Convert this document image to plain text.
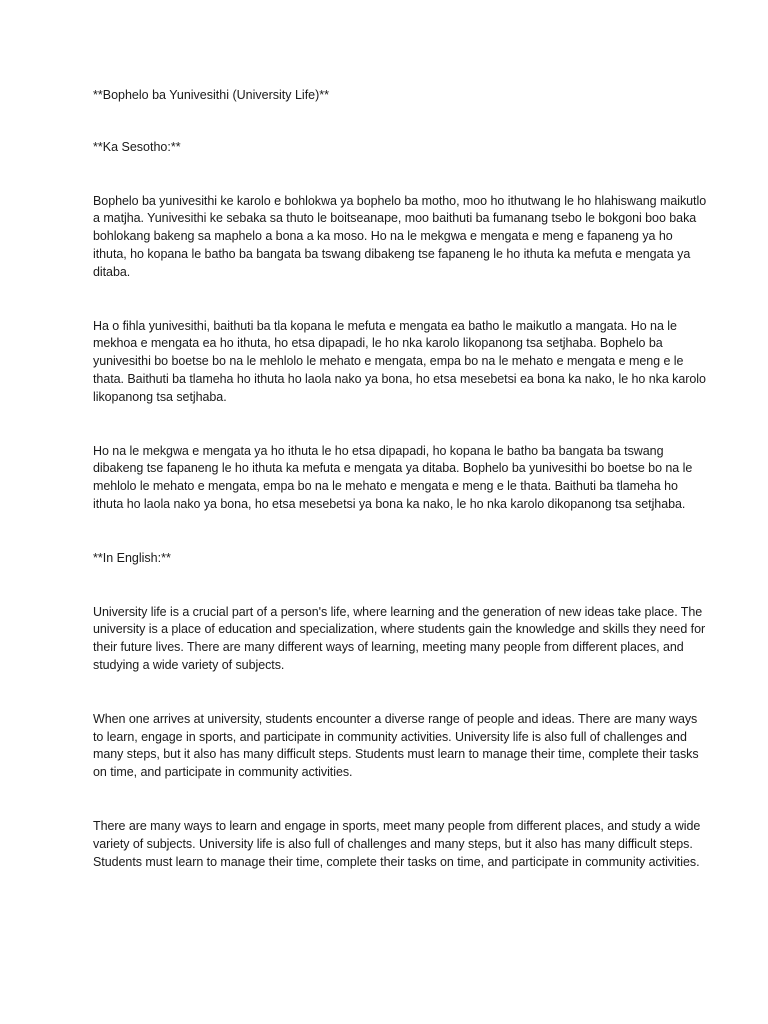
**Bophelo ba Yunivesithi (University Life)**

**Ka Sesotho:**

Bophelo ba yunivesithi ke karolo e bohlokwa ya bophelo ba motho, moo ho ithutwang le ho hlahiswang maikutlo a matjha. Yunivesithi ke sebaka sa thuto le boitseanape, moo baithuti ba fumanang tsebo le bokgoni boo baka bohlokang bakeng sa maphelo a bona a ka moso. Ho na le mekgwa e mengata e meng e fapaneng ya ho ithuta, ho kopana le batho ba bangata ba tswang dibakeng tse fapaneng le ho ithuta ka mefuta e mengata ya ditaba.

Ha o fihla yunivesithi, baithuti ba tla kopana le mefuta e mengata ea batho le maikutlo a mangata. Ho na le mekhoa e mengata ea ho ithuta, ho etsa dipapadi, le ho nka karolo likopanong tsa setjhaba. Bophelo ba yunivesithi bo boetse bo na le mehlolo le mehato e mengata, empa bo na le mehato e mengata e meng e le thata. Baithuti ba tlameha ho ithuta ho laola nako ya bona, ho etsa mesebetsi ea bona ka nako, le ho nka karolo likopanong tsa setjhaba.

Ho na le mekgwa e mengata ya ho ithuta le ho etsa dipapadi, ho kopana le batho ba bangata ba tswang dibakeng tse fapaneng le ho ithuta ka mefuta e mengata ya ditaba. Bophelo ba yunivesithi bo boetse bo na le mehlolo le mehato e mengata, empa bo na le mehato e mengata e meng e le thata. Baithuti ba tlameha ho ithuta ho laola nako ya bona, ho etsa mesebetsi ya bona ka nako, le ho nka karolo dikopanong tsa setjhaba.

**In English:**

University life is a crucial part of a person's life, where learning and the generation of new ideas take place. The university is a place of education and specialization, where students gain the knowledge and skills they need for their future lives. There are many different ways of learning, meeting many people from different places, and studying a wide variety of subjects.

When one arrives at university, students encounter a diverse range of people and ideas. There are many ways to learn, engage in sports, and participate in community activities. University life is also full of challenges and many steps, but it also has many difficult steps. Students must learn to manage their time, complete their tasks on time, and participate in community activities.

There are many ways to learn and engage in sports, meet many people from different places, and study a wide variety of subjects. University life is also full of challenges and many steps, but it also has many difficult steps. Students must learn to manage their time, complete their tasks on time, and participate in community activities.
